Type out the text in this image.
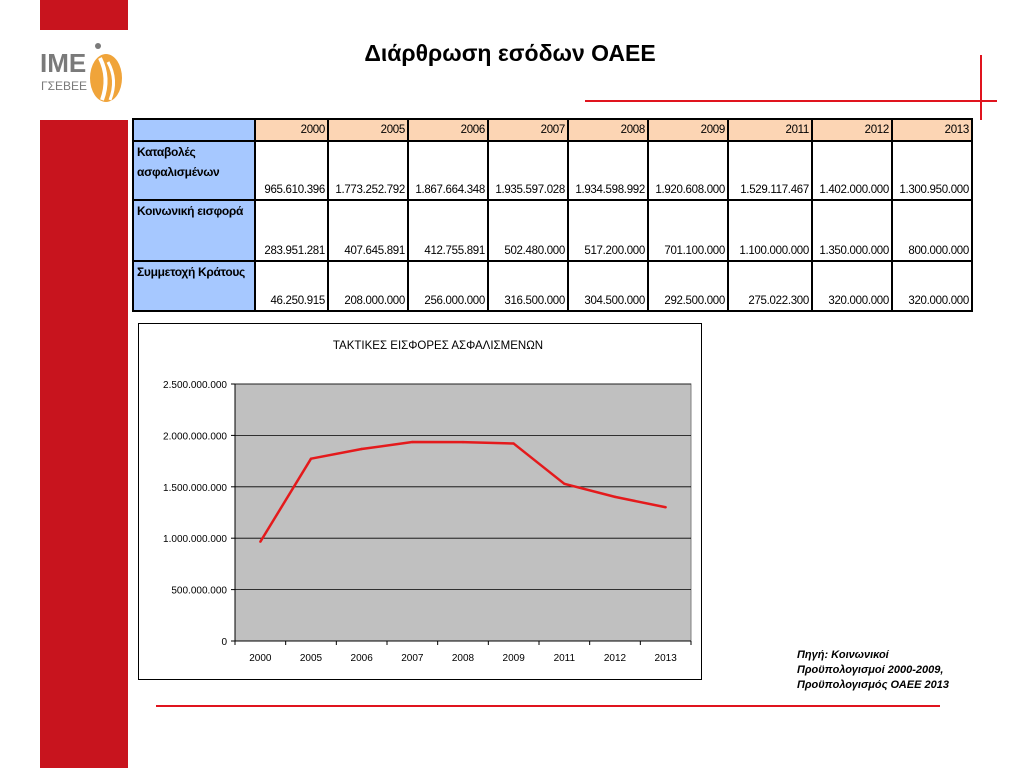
ΙΜΕ
ΓΣΕΒΕΕ
Διάρθρωση εσόδων ΟΑΕΕ
	2000	2005	2006	2007	2008	2009	2011	2012	2013
Καταβολές ασφαλισμένων	965.610.396	1.773.252.792	1.867.664.348	1.935.597.028	1.934.598.992	1.920.608.000	1.529.117.467	1.402.000.000	1.300.950.000
Κοινωνική εισφορά	283.951.281	407.645.891	412.755.891	502.480.000	517.200.000	701.100.000	1.100.000.000	1.350.000.000	800.000.000
Συμμετοχή Κράτους	46.250.915	208.000.000	256.000.000	316.500.000	304.500.000	292.500.000	275.022.300	320.000.000	320.000.000
ΤΑΚΤΙΚΕΣ ΕΙΣΦΟΡΕΣ ΑΣΦΑΛΙΣΜΕΝΩΝ
0
500.000.000
1.000.000.000
1.500.000.000
2.000.000.000
2.500.000.000
2000	2005	2006	2007	2008	2009	2011	2012	2013	Πηγή: Κοινωνικοί
Προϋπολογισμοί 2000-2009,
Προϋπολογισμός ΟΑΕΕ 2013
